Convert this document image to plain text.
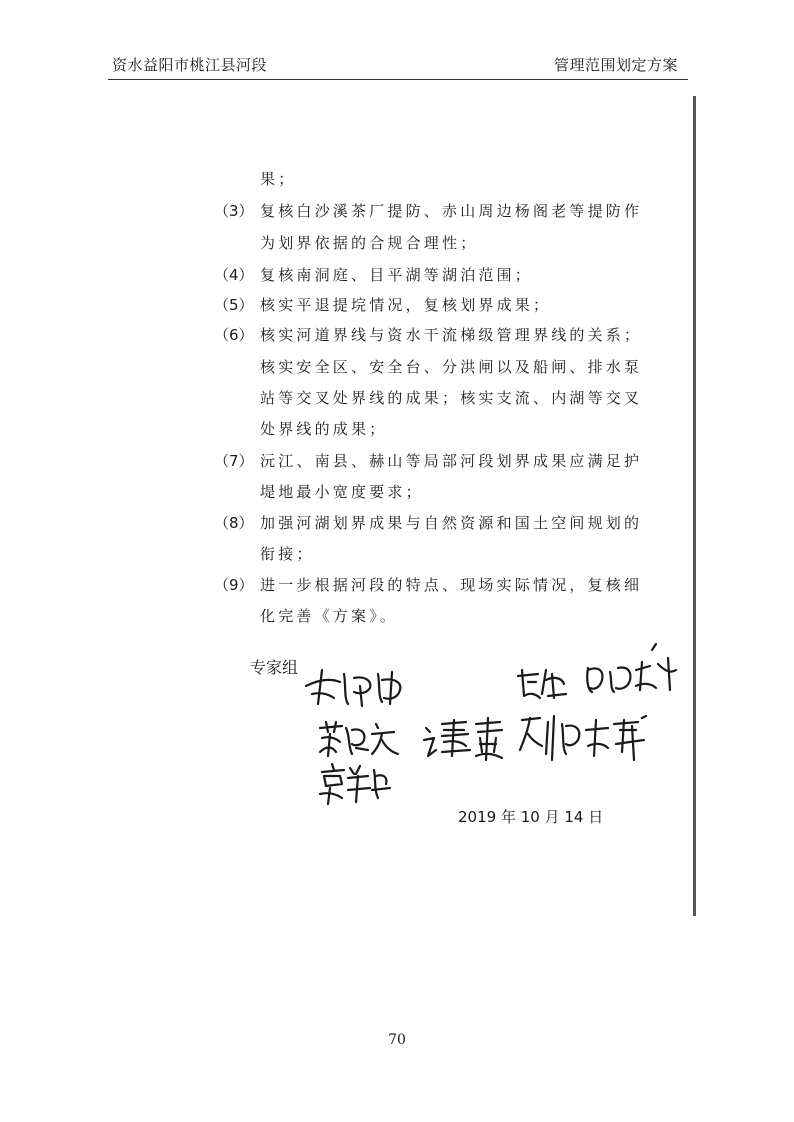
资水益阳市桃江县河段	管理范围划定方案
果；
（3） 复核白沙溪茶厂提防、赤山周边杨阁老等提防作
为划界依据的合规合理性；
（4） 复核南洞庭、目平湖等湖泊范围；
（5） 核实平退提垸情况，复核划界成果；
（6） 核实河道界线与资水干流梯级管理界线的关系；
核实安全区、安全台、分洪闸以及船闸、排水泵
站等交叉处界线的成果；核实支流、内湖等交叉
处界线的成果；
（7） 沅江、南县、赫山等局部河段划界成果应满足护
堤地最小宽度要求；
（8） 加强河湖划界成果与自然资源和国土空间规划的
衔接；
（9） 进一步根据河段的特点、现场实际情况，复核细
化完善《方案》。
专家组
2019 年 10 月 14 日
70
